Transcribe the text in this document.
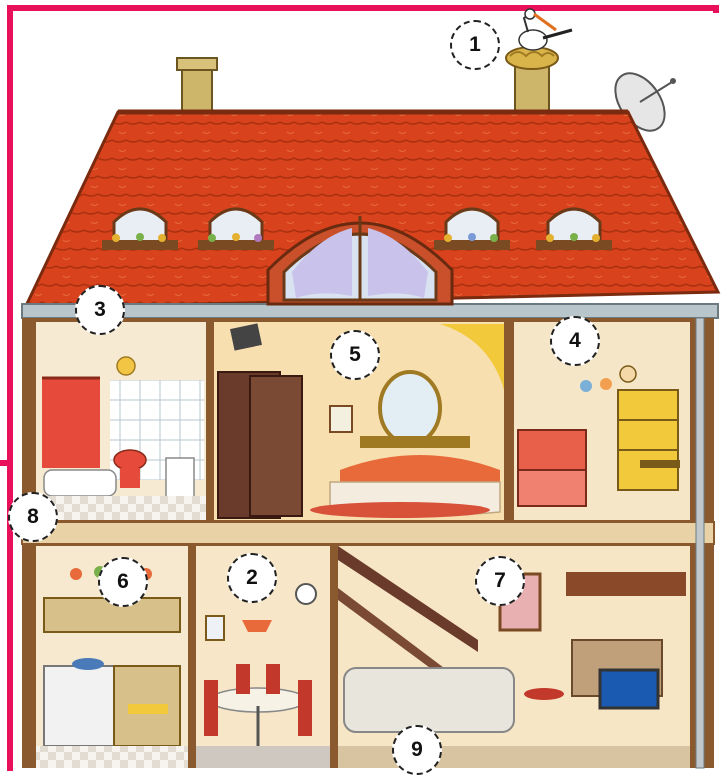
1
2
3
4
5
6	7
8
9
